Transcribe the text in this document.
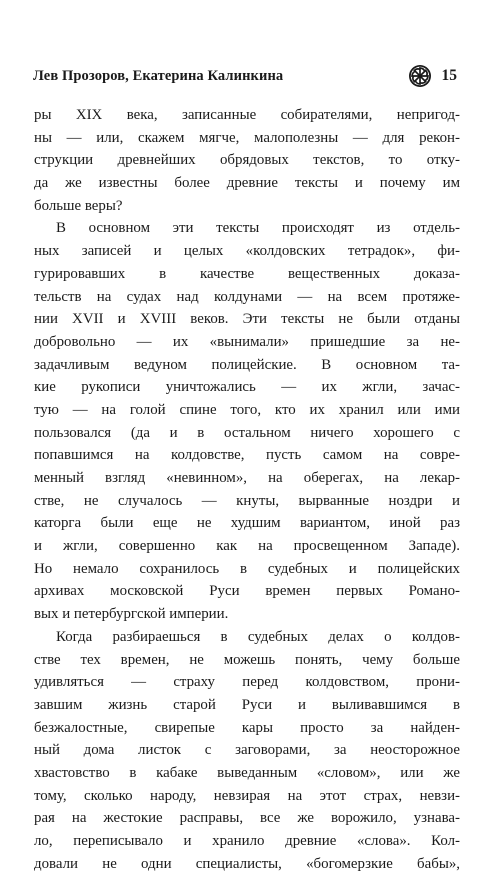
Лев Прозоров, Екатерина Калинкина	15
ры XIX века, записанные собирателями, непригод-
ны — или, скажем мягче, малополезны — для рекон-
струкции древнейших обрядовых текстов, то отку-
да же известны более древние тексты и почему им
больше веры?
В основном эти тексты происходят из отдель-
ных записей и целых «колдовских тетрадок», фи-
гурировавших в качестве вещественных доказа-
тельств на судах над колдунами — на всем протяже-
нии XVII и XVIII веков. Эти тексты не были отданы
добровольно — их «вынимали» пришедшие за не-
задачливым ведуном полицейские. В основном та-
кие рукописи уничтожались — их жгли, зачас-
тую — на голой спине того, кто их хранил или ими
пользовался (да и в остальном ничего хорошего с
попавшимся на колдовстве, пусть самом на совре-
менный взгляд «невинном», на оберегах, на лекар-
стве, не случалось — кнуты, вырванные ноздри и
каторга были еще не худшим вариантом, иной раз
и жгли, совершенно как на просвещенном Западе).
Но немало сохранилось в судебных и полицейских
архивах московской Руси времен первых Романо-
вых и петербургской империи.
Когда разбираешься в судебных делах о колдов-
стве тех времен, не можешь понять, чему больше
удивляться — страху перед колдовством, прони-
завшим жизнь старой Руси и выливавшимся в
безжалостные, свирепые кары просто за найден-
ный дома листок с заговорами, за неосторожное
хвастовство в кабаке выведанным «словом», или же
тому, сколько народу, невзирая на этот страх, невзи-
рая на жестокие расправы, все же ворожило, узнава-
ло, переписывало и хранило древние «слова». Кол-
довали не одни специалисты, «богомерзкие бабы»,
